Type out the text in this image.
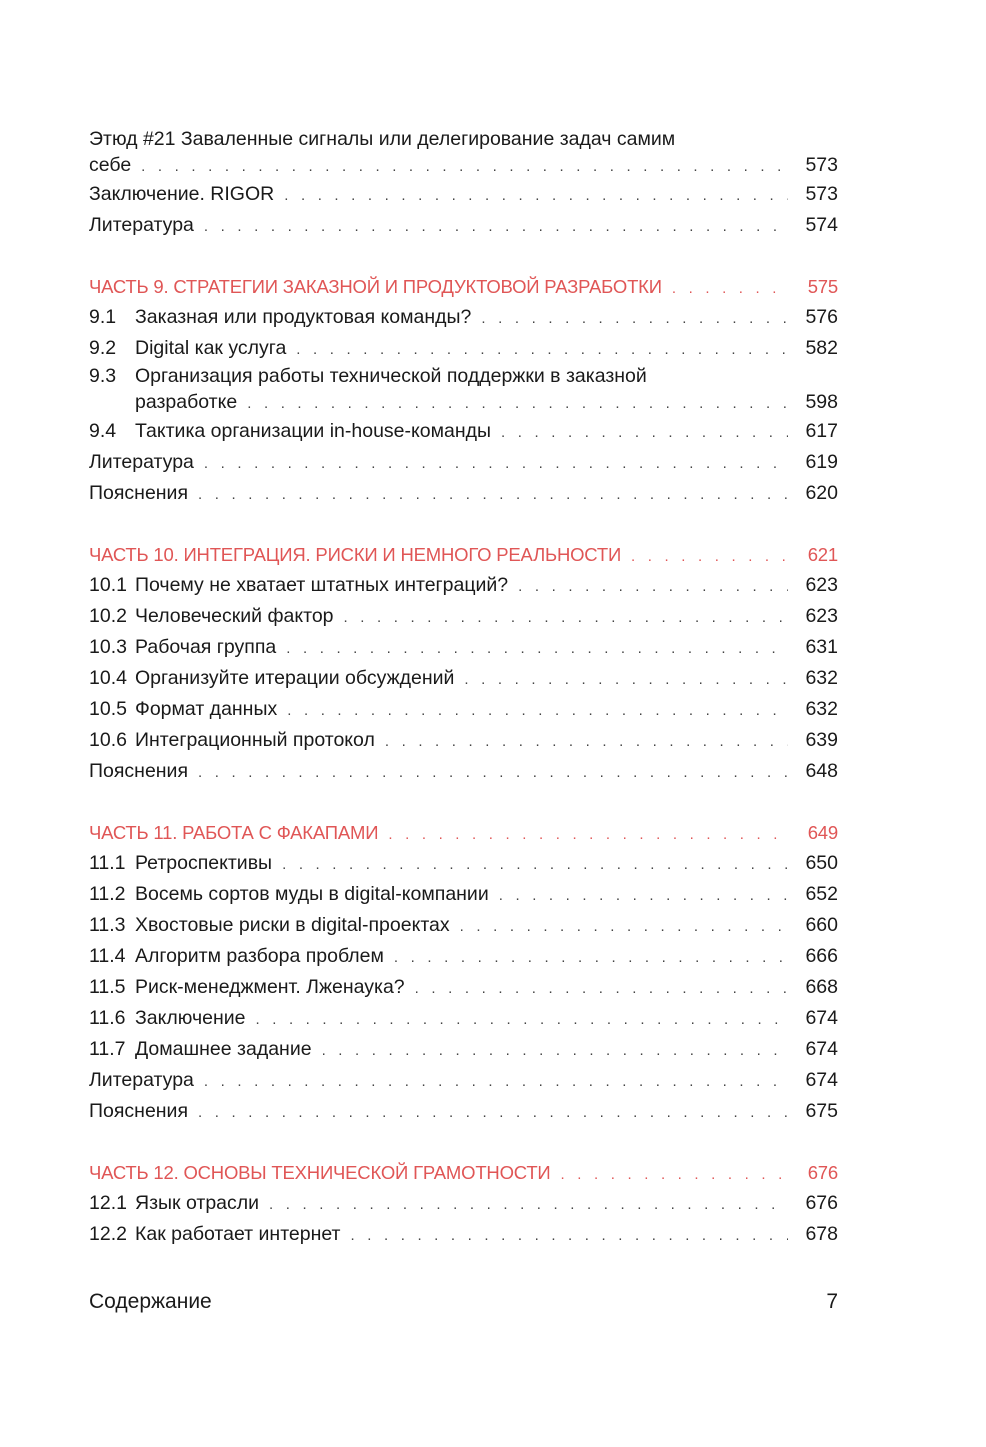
Этюд #21 Заваленные сигналы или делегирование задач самим
себе . . .	573
Заключение. RIGOR . . .	573
Литература . . .	574
ЧАСТЬ 9. СТРАТЕГИИ ЗАКАЗНОЙ И ПРОДУКТОВОЙ РАЗРАБОТКИ . . .	575
9.1 Заказная или продуктовая команды? . . .	576
9.2 Digital как услуга . . .	582
9.3 Организация работы технической поддержки в заказной
разработке . . .	598
9.4 Тактика организации in-house-команды . . .	617
Литература . . .	619
Пояснения . . .	620
ЧАСТЬ 10. ИНТЕГРАЦИЯ. РИСКИ И НЕМНОГО РЕАЛЬНОСТИ . . .	621
10.1 Почему не хватает штатных интеграций? . . .	623
10.2 Человеческий фактор . . .	623
10.3 Рабочая группа . . .	631
10.4 Организуйте итерации обсуждений . . .	632
10.5 Формат данных . . .	632
10.6 Интеграционный протокол . . .	639
Пояснения . . .	648
ЧАСТЬ 11. РАБОТА С ФАКАПАМИ . . .	649
11.1 Ретроспективы . . .	650
11.2 Восемь сортов муды в digital-компании . . .	652
11.3 Хвостовые риски в digital-проектах . . .	660
11.4 Алгоритм разбора проблем . . .	666
11.5 Риск-менеджмент. Лженаука? . . .	668
11.6 Заключение . . .	674
11.7 Домашнее задание . . .	674
Литература . . .	674
Пояснения . . .	675
ЧАСТЬ 12. ОСНОВЫ ТЕХНИЧЕСКОЙ ГРАМОТНОСТИ . . .	676
12.1 Язык отрасли . . .	676
12.2 Как работает интернет . . .	678
Содержание	7
